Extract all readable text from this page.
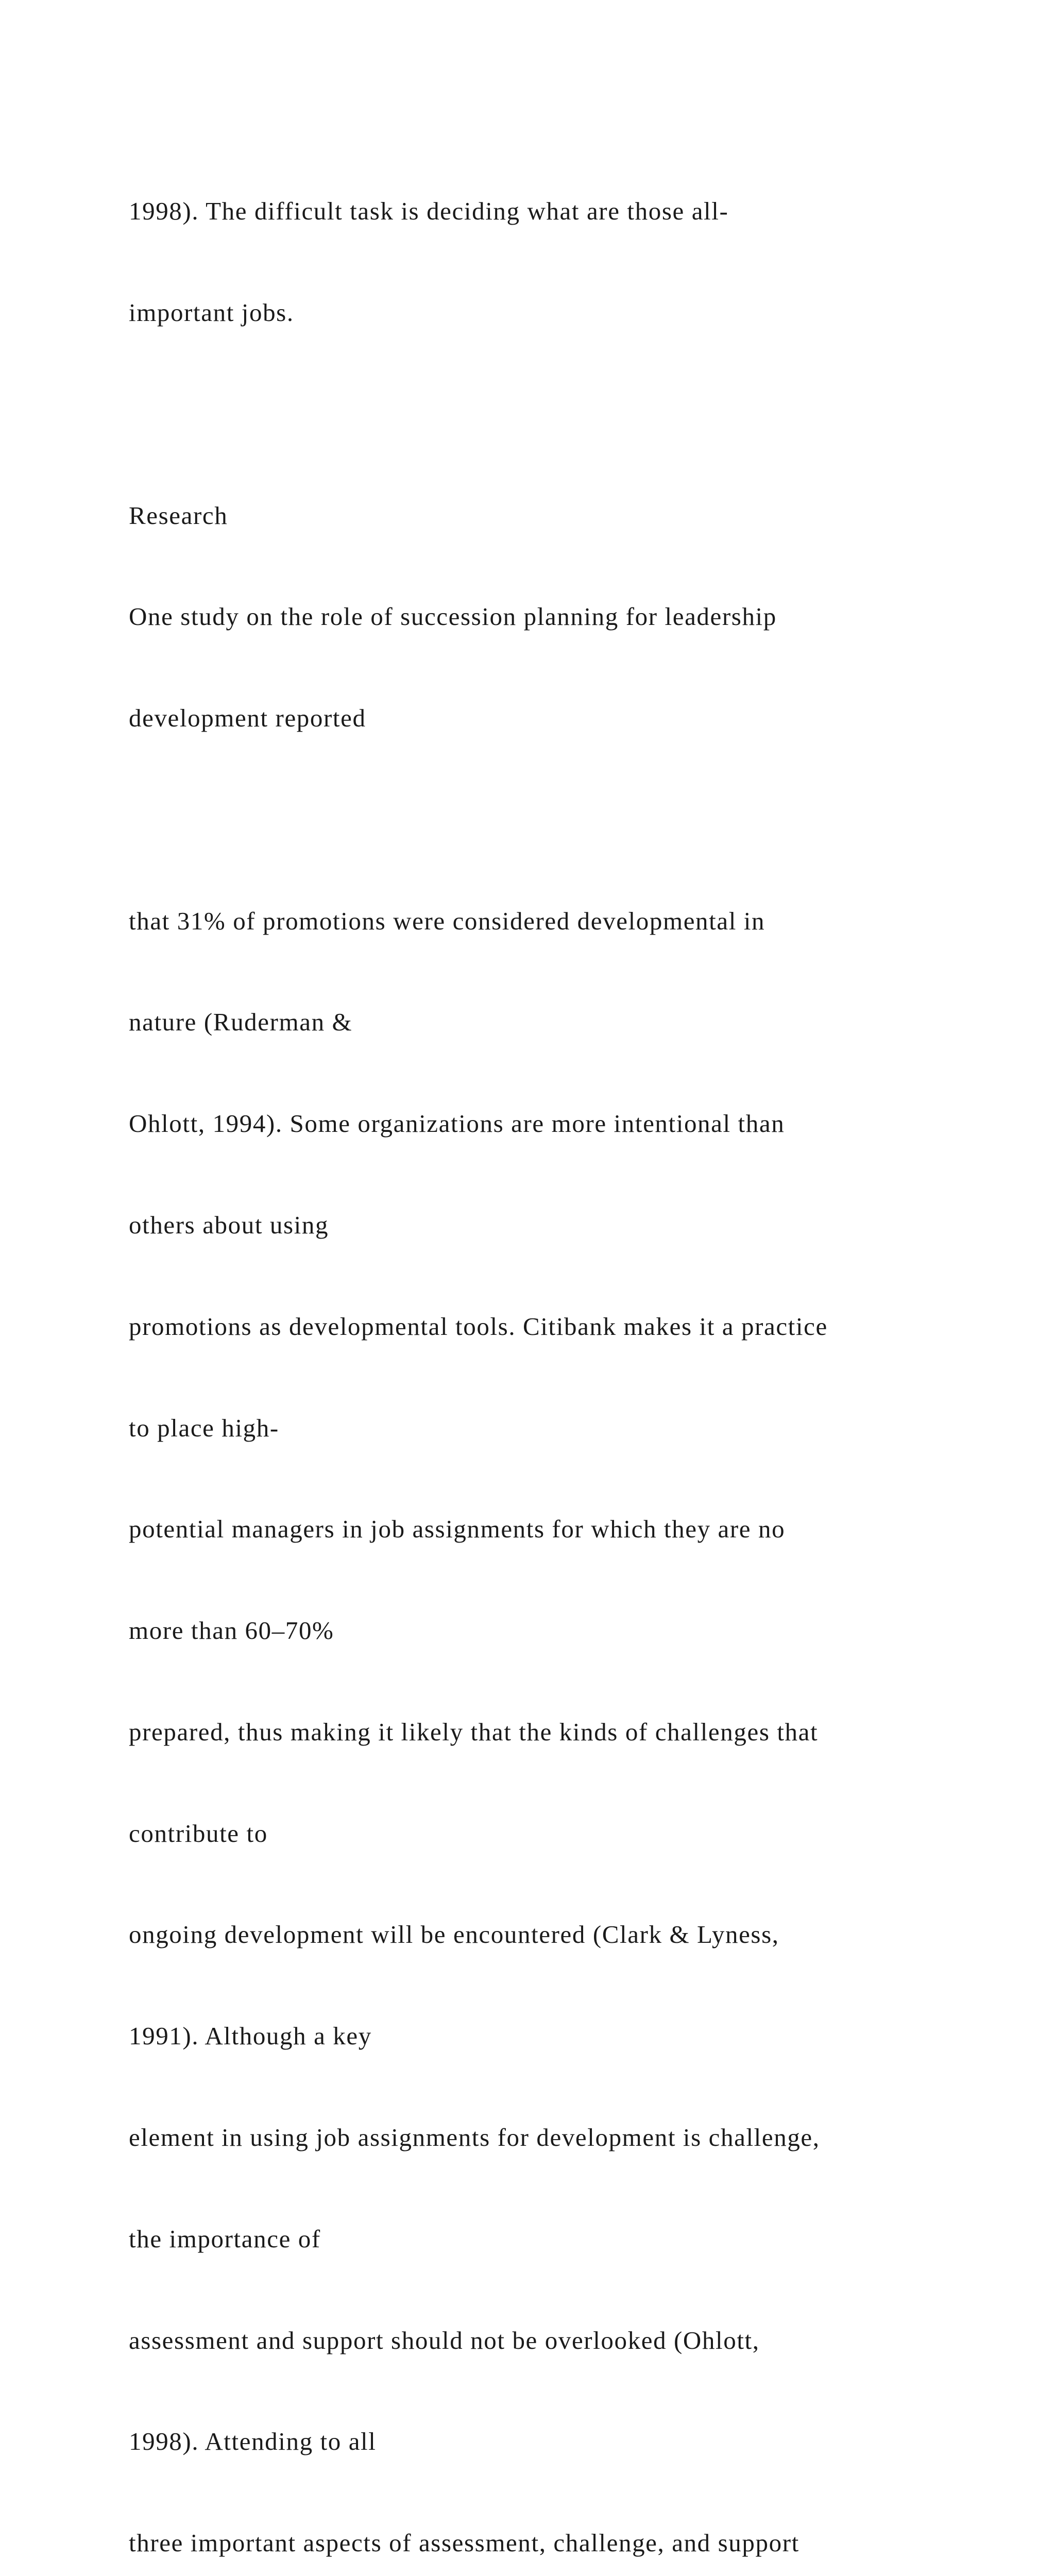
1998). The difficult task is deciding what are those all-

important jobs.

Research

One study on the role of succession planning for leadership

development reported

that 31% of promotions were considered developmental in

nature (Ruderman &

Ohlott, 1994). Some organizations are more intentional than

others about using

promotions as developmental tools. Citibank makes it a practice

to place high-

potential managers in job assignments for which they are no

more than 60–70%

prepared, thus making it likely that the kinds of challenges that

contribute to

ongoing development will be encountered (Clark & Lyness,

1991). Although a key

element in using job assignments for development is challenge,

the importance of

assessment and support should not be overlooked (Ohlott,

1998). Attending to all

three important aspects of assessment, challenge, and support
